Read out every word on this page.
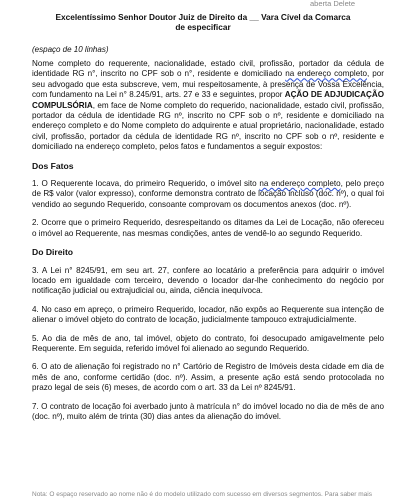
aberta Delete
Excelentíssimo Senhor Doutor Juiz de Direito da __ Vara Cível da Comarca
de especificar
(espaço de 10 linhas)

Nome completo do requerente, nacionalidade, estado civil, profissão, portador da cédula de identidade RG n°, inscrito no CPF sob o n°, residente e domiciliado na endereço completo, por seu advogado que esta subscreve, vem, mui respeitosamente, à presença de Vossa Excelência, com fundamento na Lei n° 8.245/91, arts. 27 e 33 e seguintes, propor AÇÃO DE ADJUDICAÇÃO COMPULSÓRIA, em face de Nome completo do requerido, nacionalidade, estado civil, profissão, portador da cédula de identidade RG nº, inscrito no CPF sob o nº, residente e domiciliado na endereço completo e do Nome completo do adquirente e atual proprietário, nacionalidade, estado civil, profissão, portador da cédula de identidade RG nº, inscrito no CPF sob o nº, residente e domiciliado na endereço completo, pelos fatos e fundamentos a seguir expostos:

Dos Fatos

1. O Requerente locava, do primeiro Requerido, o imóvel sito na endereço completo, pelo preço de R$ valor (valor expresso), conforme demonstra contrato de locação incluso (doc. nº), o qual foi vendido ao segundo Requerido, consoante comprovam os documentos anexos (doc. nº).

2. Ocorre que o primeiro Requerido, desrespeitando os ditames da Lei de Locação, não ofereceu o imóvel ao Requerente, nas mesmas condições, antes de vendê-lo ao segundo Requerido.

Do Direito

3. A Lei n° 8245/91, em seu art. 27, confere ao locatário a preferência para adquirir o imóvel locado em igualdade com terceiro, devendo o locador dar-lhe conhecimento do negócio por notificação judicial ou extrajudicial ou, ainda, ciência inequívoca.

4. No caso em apreço, o primeiro Requerido, locador, não expôs ao Requerente sua intenção de alienar o imóvel objeto do contrato de locação, judicialmente tampouco extrajudicialmente.

5. Ao dia de mês de ano, tal imóvel, objeto do contrato, foi desocupado amigavelmente pelo Requerente. Em seguida, referido imóvel foi alienado ao segundo Requerido.

6. O ato de alienação foi registrado no n° Cartório de Registro de Imóveis desta cidade em dia de mês de ano, conforme certidão (doc. nº). Assim, a presente ação está sendo protocolada no prazo legal de seis (6) meses, de acordo com o art. 33 da Lei nº 8245/91.

7. O contrato de locação foi averbado junto à matrícula n° do imóvel locado no dia de mês de ano (doc. nº), muito além de trinta (30) dias antes da alienação do imóvel.

Nota: O espaço reservado ao nome não é do modelo utilizado com sucesso em diversos segmentos. Para saber mais
